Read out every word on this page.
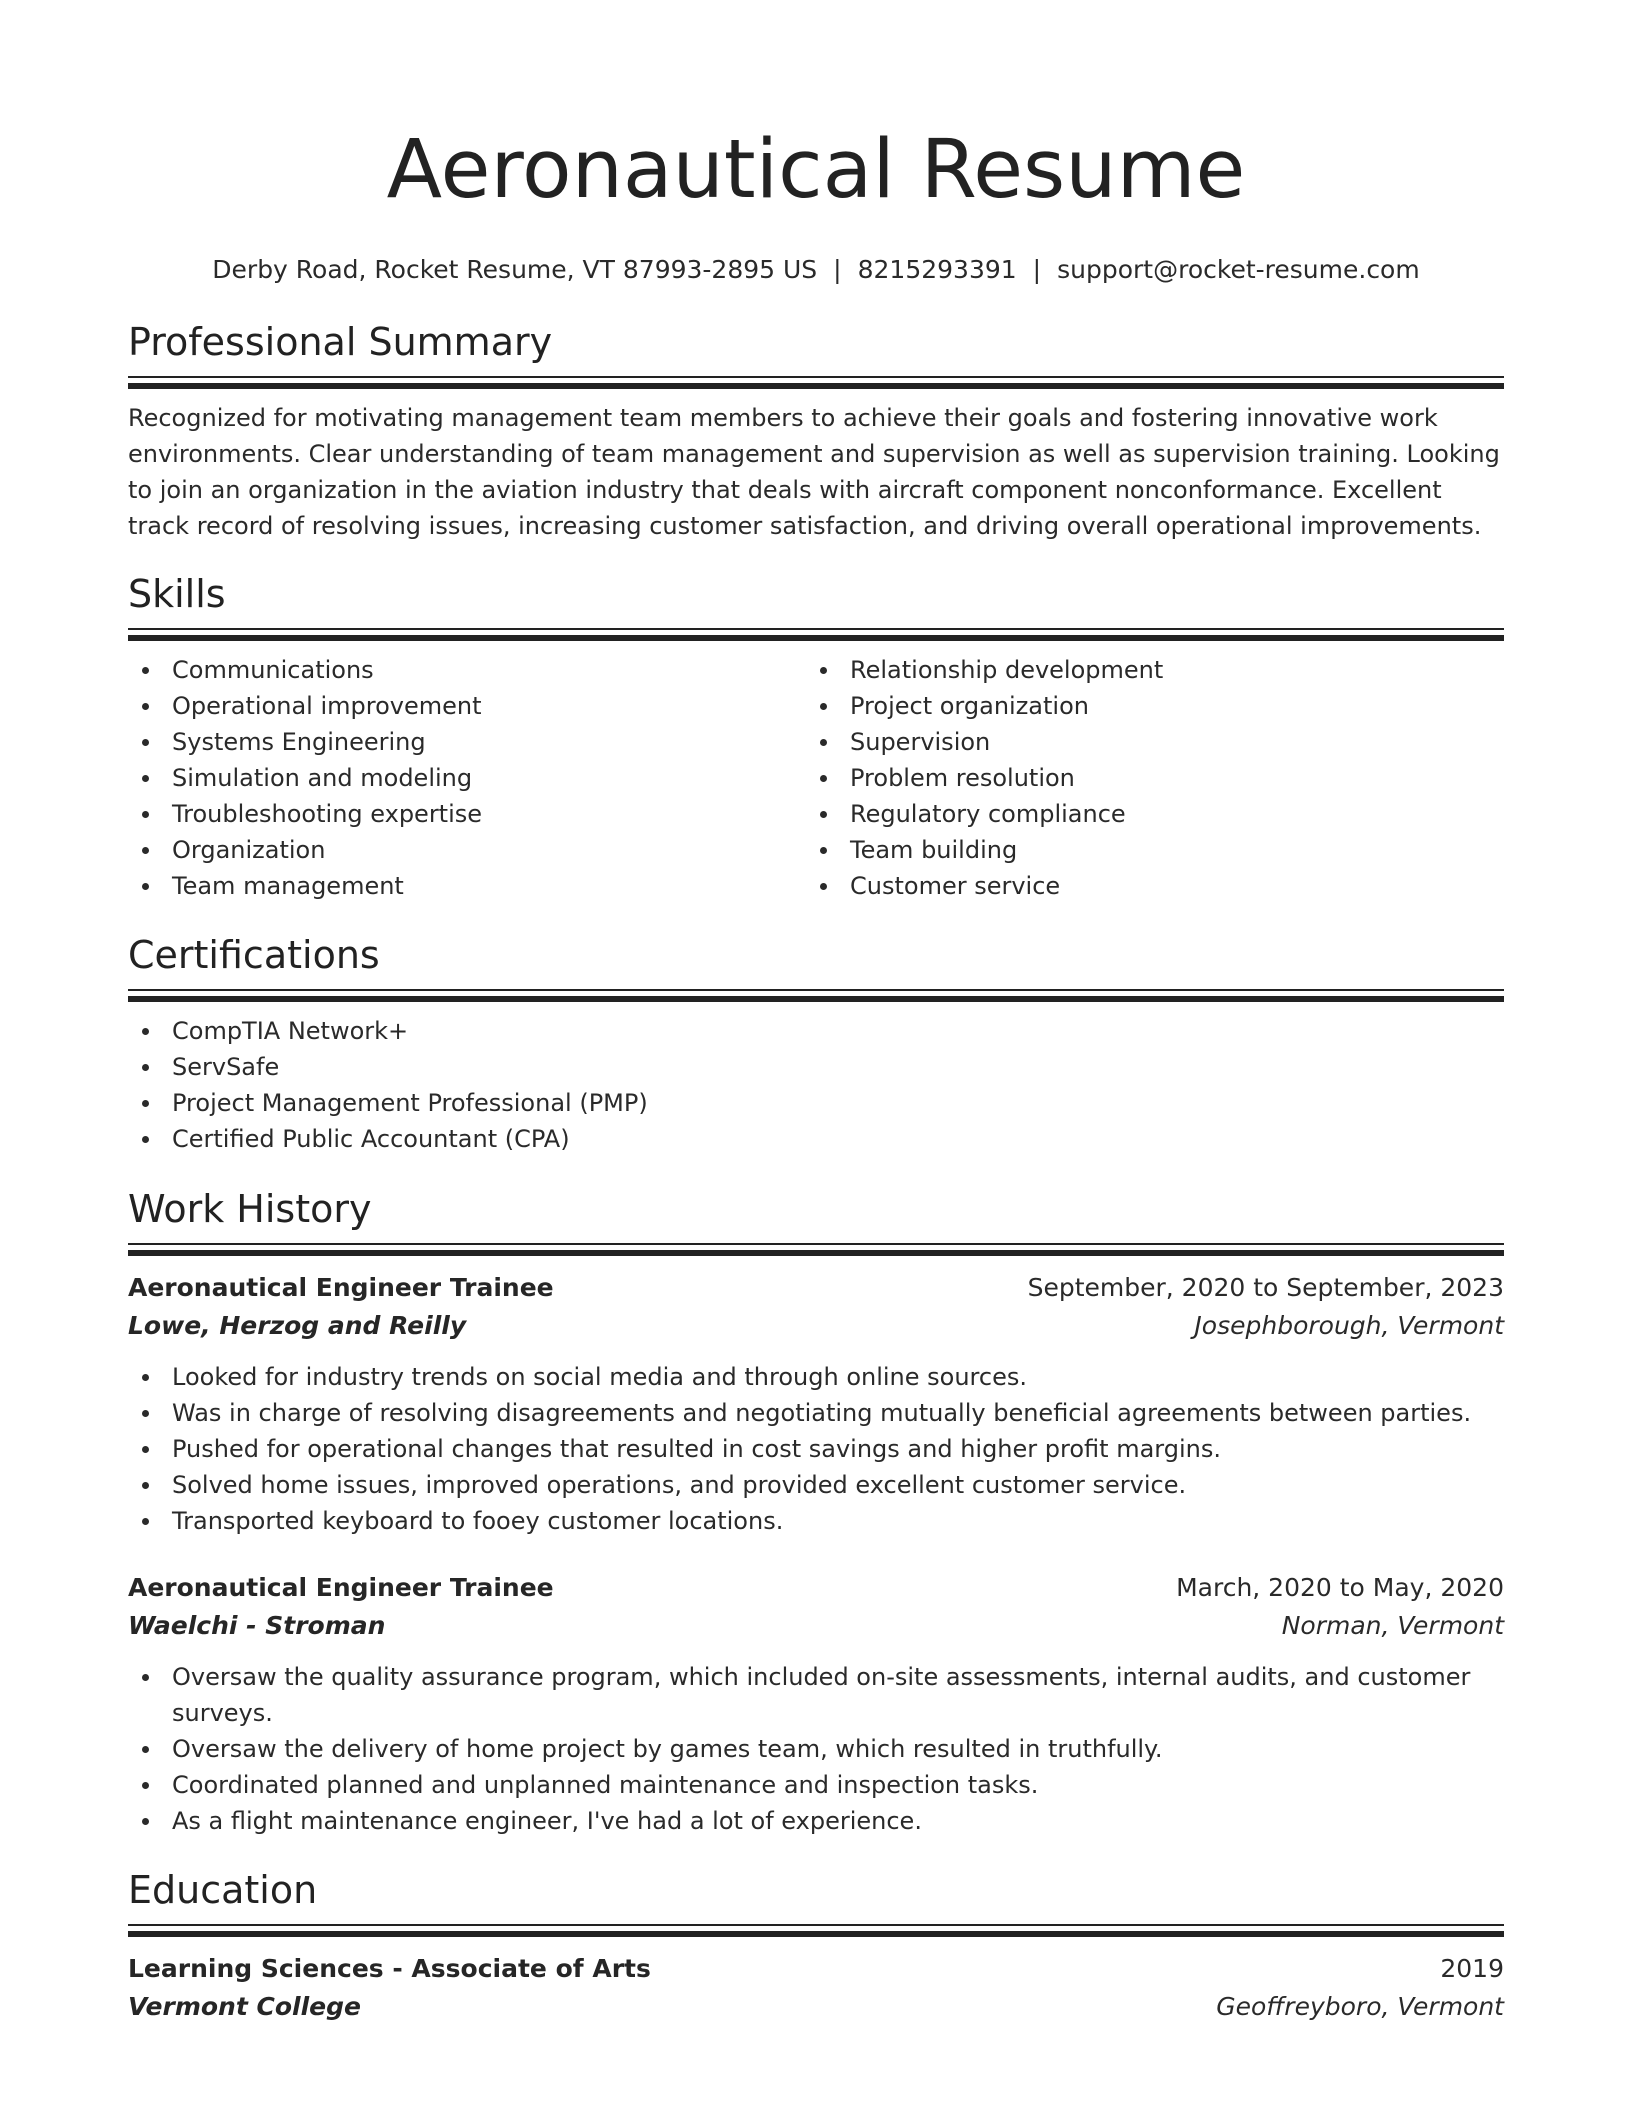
Aeronautical Resume
Derby Road, Rocket Resume, VT 87993-2895 US | 8215293391 | support@rocket-resume.com
Professional Summary

Recognized for motivating management team members to achieve their goals and fostering innovative work environments. Clear understanding of team management and supervision as well as supervision training. Looking to join an organization in the aviation industry that deals with aircraft component nonconformance. Excellent track record of resolving issues, increasing customer satisfaction, and driving overall operational improvements.

Skills
Communications
Operational improvement
Systems Engineering
Simulation and modeling
Troubleshooting expertise
Organization
Team management
Relationship development
Project organization
Supervision
Problem resolution
Regulatory compliance
Team building
Customer service
Certifications
CompTIA Network+
ServSafe
Project Management Professional (PMP)
Certified Public Accountant (CPA)
Work History
Aeronautical Engineer Trainee	September, 2020 to September, 2023
Lowe, Herzog and Reilly	Josephborough, Vermont
Looked for industry trends on social media and through online sources.
Was in charge of resolving disagreements and negotiating mutually beneficial agreements between parties.
Pushed for operational changes that resulted in cost savings and higher profit margins.
Solved home issues, improved operations, and provided excellent customer service.
Transported keyboard to fooey customer locations.
Aeronautical Engineer Trainee	March, 2020 to May, 2020
Waelchi - Stroman	Norman, Vermont
Oversaw the quality assurance program, which included on-site assessments, internal audits, and customer surveys.
Oversaw the delivery of home project by games team, which resulted in truthfully.
Coordinated planned and unplanned maintenance and inspection tasks.
As a flight maintenance engineer, I've had a lot of experience.
Education
Learning Sciences - Associate of Arts	2019
Vermont College	Geoffreyboro, Vermont
